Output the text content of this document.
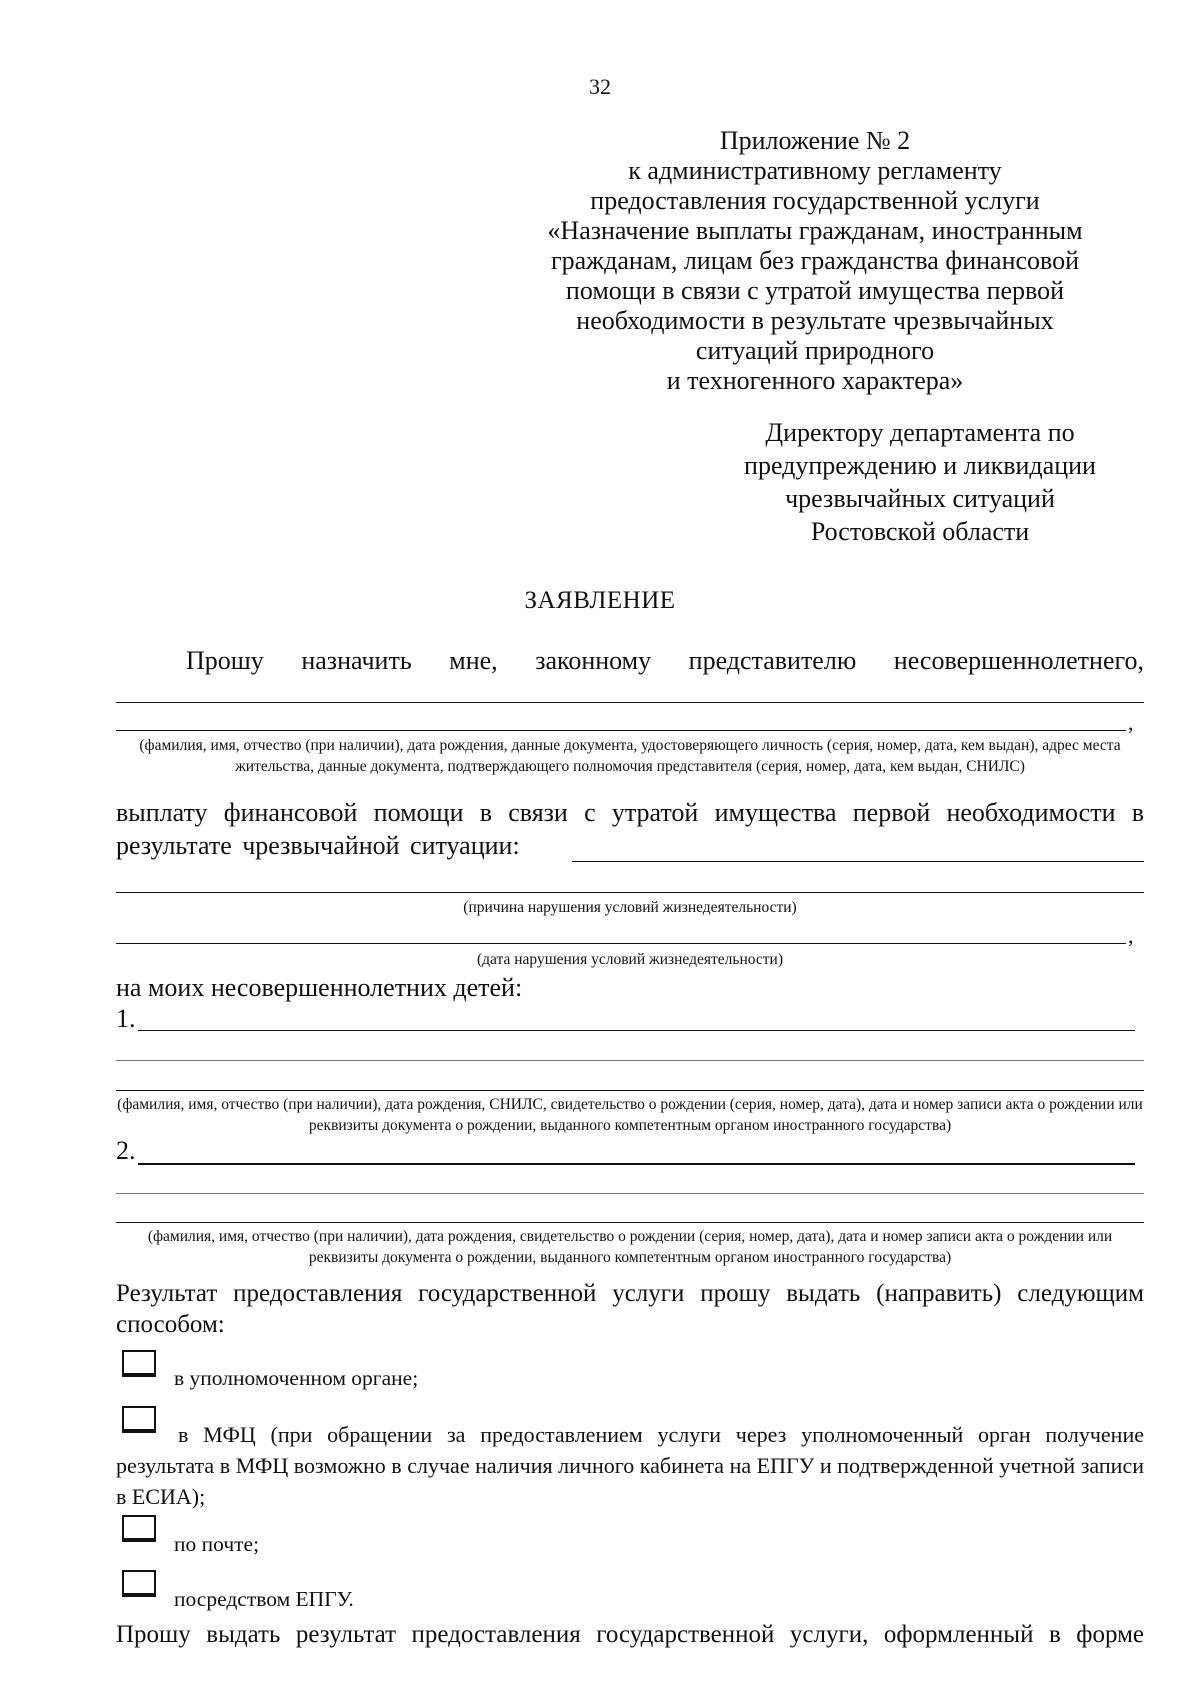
32
Приложение № 2
к административному регламенту
предоставления государственной услуги
«Назначение выплаты гражданам, иностранным
гражданам, лицам без гражданства финансовой
помощи в связи с утратой имущества первой
необходимости в результате чрезвычайных
ситуаций природного
и техногенного характера»
Директору департамента по
предупреждению и ликвидации
чрезвычайных ситуаций
Ростовской области
ЗАЯВЛЕНИЕ
Прошу назначить мне, законному представителю несовершеннолетнего,
,
(фамилия, имя, отчество (при наличии), дата рождения, данные документа, удостоверяющего личность (серия, номер, дата, кем выдан), адрес места жительства, данные документа, подтверждающего полномочия представителя (серия, номер, дата, кем выдан, СНИЛС)
выплату финансовой помощи в связи с утратой имущества первой необходимости в
результате чрезвычайной ситуации:
(причина нарушения условий жизнедеятельности)
,
(дата нарушения условий жизнедеятельности)
на моих несовершеннолетних детей:
1.
(фамилия, имя, отчество (при наличии), дата рождения, СНИЛС, свидетельство о рождении (серия, номер, дата), дата и номер записи акта о рождении или реквизиты документа о рождении, выданного компетентным органом иностранного государства)
2.
(фамилия, имя, отчество (при наличии), дата рождения, свидетельство о рождении (серия, номер, дата), дата и номер записи акта о рождении или реквизиты документа о рождении, выданного компетентным органом иностранного государства)
Результат предоставления государственной услуги прошу выдать (направить) следующим способом:
в уполномоченном органе;
в МФЦ (при обращении за предоставлением услуги через уполномоченный орган получение результата в МФЦ возможно в случае наличия личного кабинета на ЕПГУ и подтвержденной учетной записи в ЕСИА);
по почте;
посредством ЕПГУ.
Прошу выдать результат предоставления государственной услуги, оформленный в форме
